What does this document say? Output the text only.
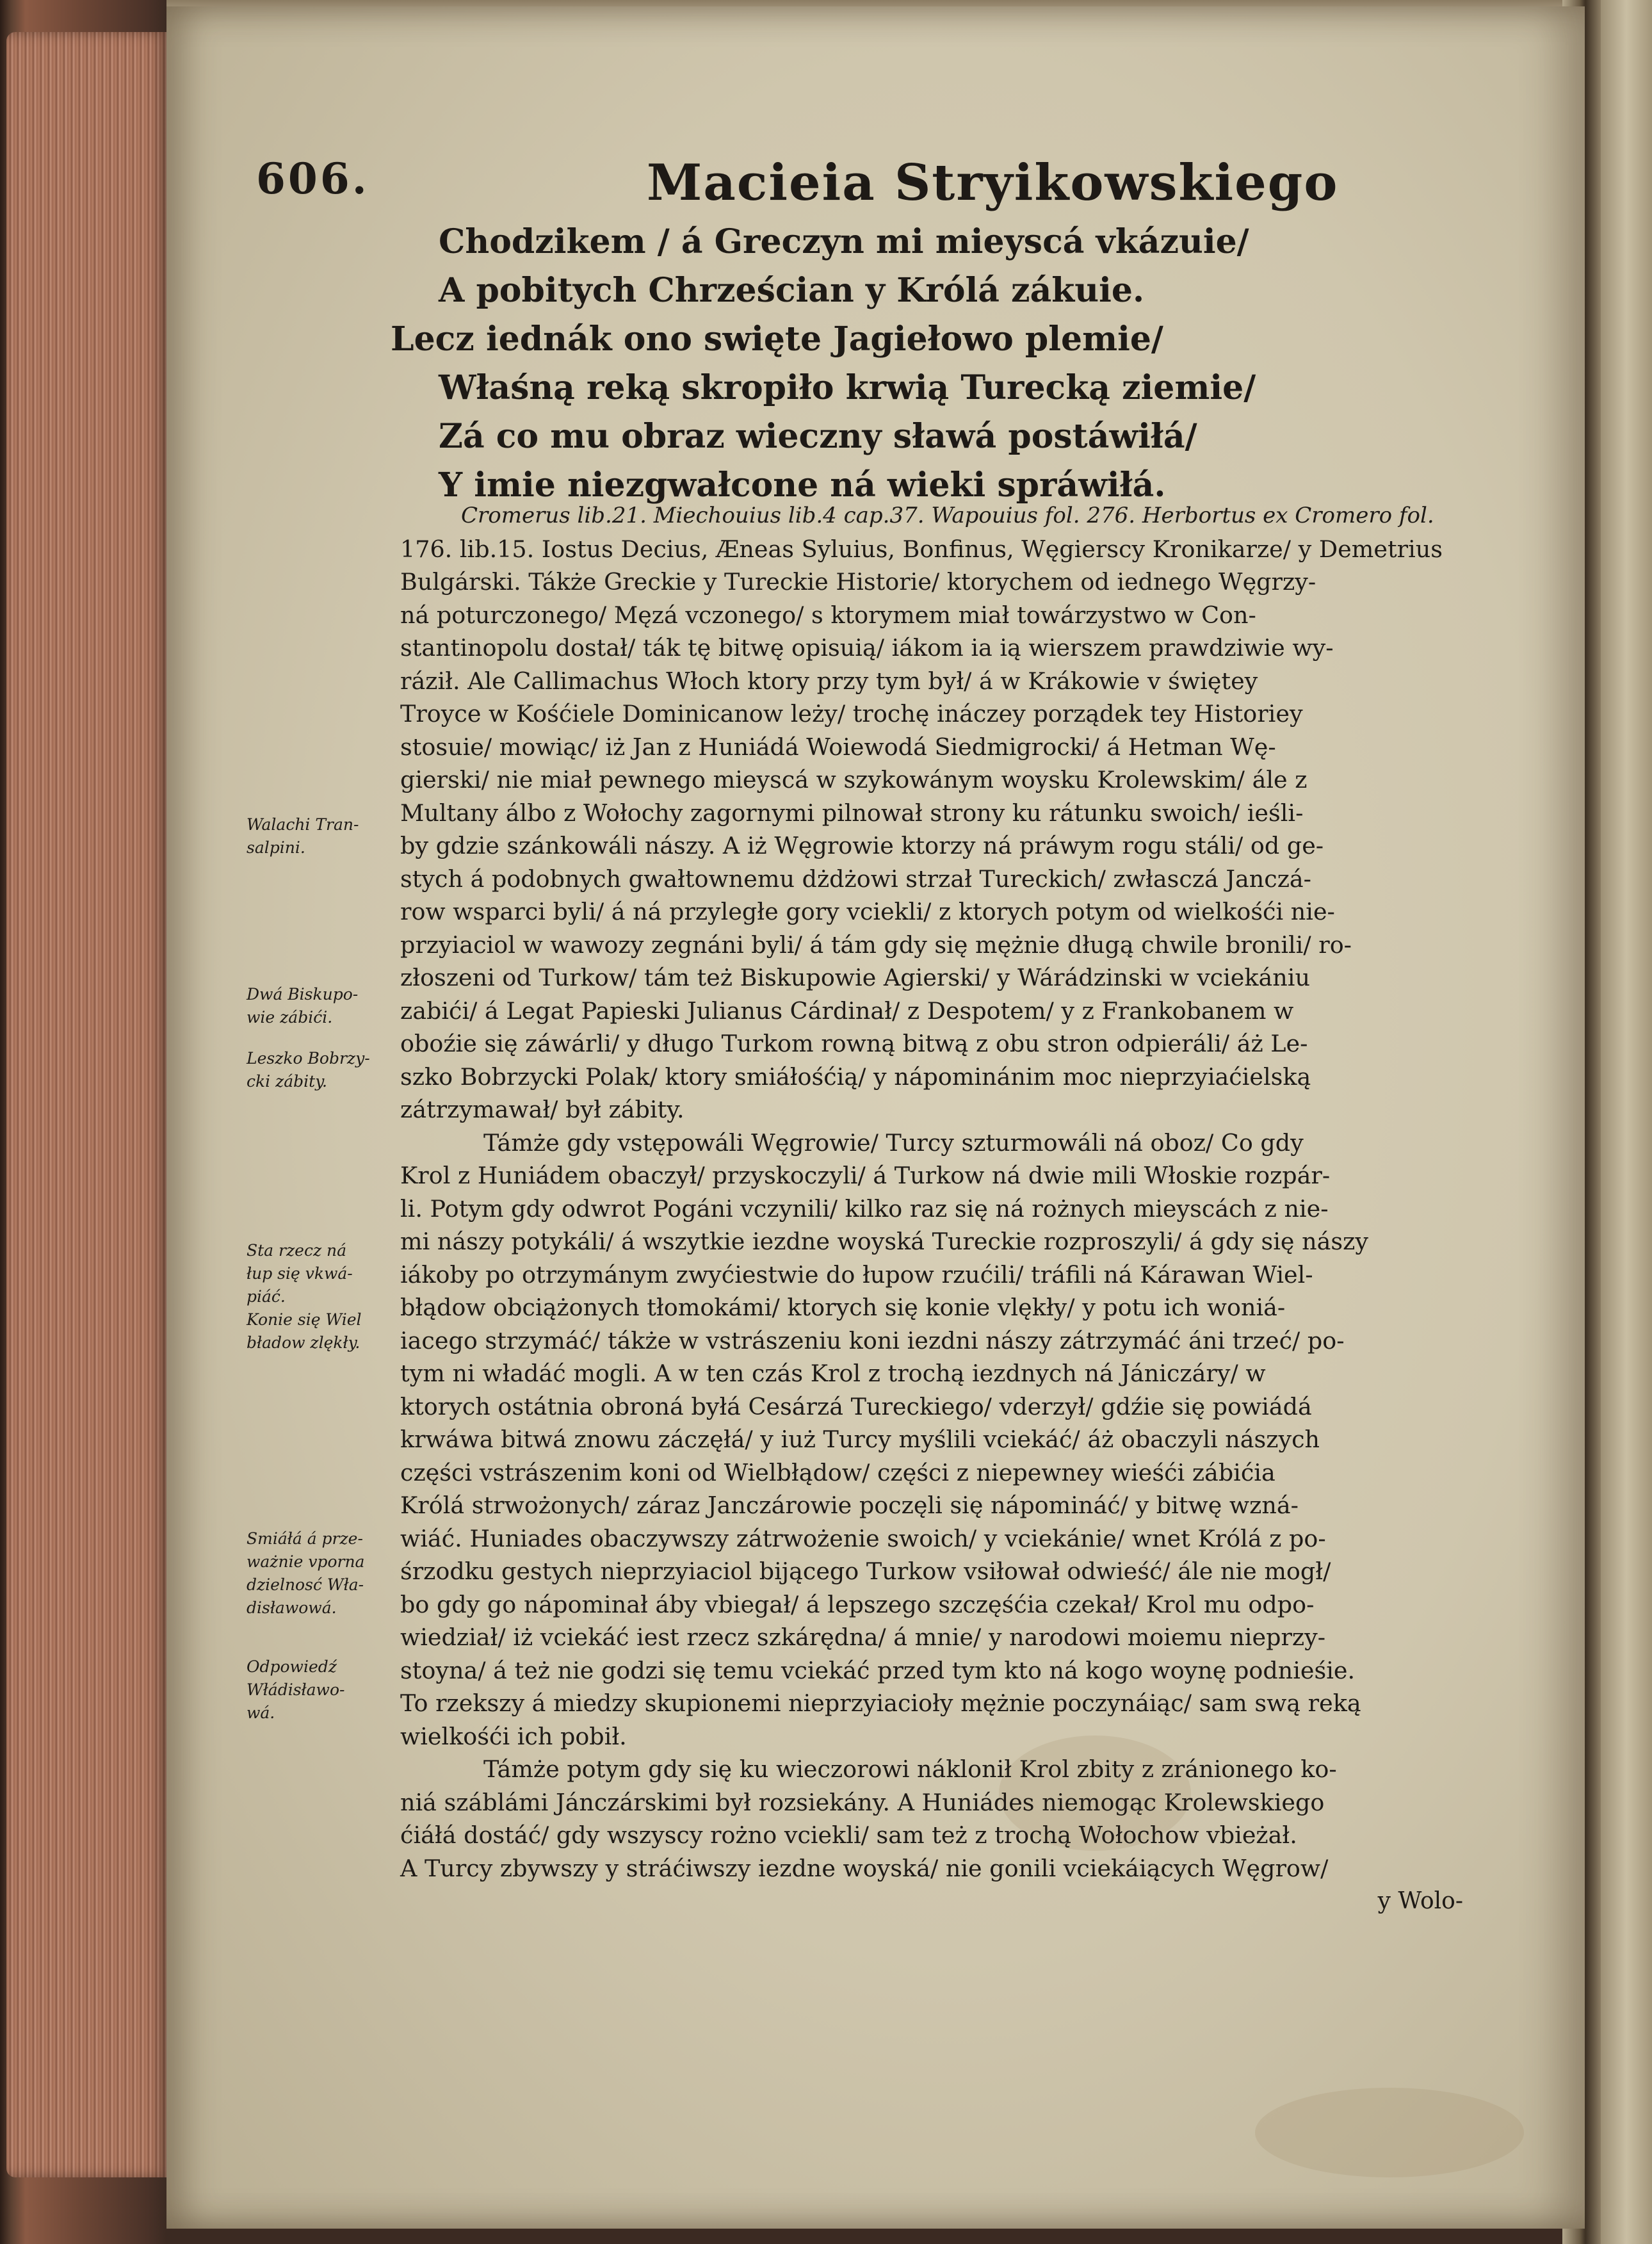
606.	Macieia Stryikowskiego
Chodzikem / á Greczyn mi mieyscá vkázuie/
A pobitych Chrześcian y Królá zákuie.
Lecz iednák ono swięte Jagiełowo plemie/
Właśną reką skropiło krwią Turecką ziemie/
Zá co mu obraz wieczny sławá postáwiłá/
Y imie niezgwałcone ná wieki spráwiłá.
Cromerus lib.21. Miechouius lib.4 cap.37. Wapouius fol. 276. Herbortus ex Cromero fol.
176. lib.15. Iostus Decius, Æneas Syluius, Bonfinus, Węgierscy Kronikarze/ y Demetrius
Bulgárski. Tákże Greckie y Tureckie Historie/ ktorychem od iednego Węgrzy-
ná poturczonego/ Męzá vczonego/ s ktorymem miał towárzystwo w Con-
stantinopolu dostał/ ták tę bitwę opisuią/ iákom ia ią wierszem prawdziwie wy-
ráził. Ale Callimachus Włoch ktory przy tym był/ á w Krákowie v świętey
Troyce w Kośćiele Dominicanow leży/ trochę ináczey porządek tey Historiey
stosuie/ mowiąc/ iż Jan z Huniádá Woiewodá Siedmigrocki/ á Hetman Wę-
gierski/ nie miał pewnego mieyscá w szykowánym woysku Krolewskim/ ále z
Multany álbo z Wołochy zagornymi pilnował strony ku rátunku swoich/ ieśli-
by gdzie szánkowáli nászy. A iż Węgrowie ktorzy ná práwym rogu stáli/ od ge-
stych á podobnych gwałtownemu dżdżowi strzał Tureckich/ zwłasczá Janczá-
row wsparci byli/ á ná przyległe gory vciekli/ z ktorych potym od wielkośći nie-
przyiaciol w wawozy zegnáni byli/ á tám gdy się mężnie długą chwile bronili/ ro-
złoszeni od Turkow/ tám też Biskupowie Agierski/ y Wárádzinski w vciekániu
zabići/ á Legat Papieski Julianus Cárdinał/ z Despotem/ y z Frankobanem w
oboźie się záwárli/ y długo Turkom rowną bitwą z obu stron odpieráli/ áż Le-
szko Bobrzycki Polak/ ktory smiáłośćią/ y nápominánim moc nieprzyiaćielską
zátrzymawał/ był zábity.
Támże gdy vstępowáli Węgrowie/ Turcy szturmowáli ná oboz/ Co gdy
Krol z Huniádem obaczył/ przyskoczyli/ á Turkow ná dwie mili Włoskie rozpár-
li. Potym gdy odwrot Pogáni vczynili/ kilko raz się ná rożnych mieyscách z nie-
mi nászy potykáli/ á wszytkie iezdne woyská Tureckie rozproszyli/ á gdy się nászy
iákoby po otrzymánym zwyćiestwie do łupow rzućili/ tráfili ná Kárawan Wiel-
błądow obciążonych tłomokámi/ ktorych się konie vlękły/ y potu ich woniá-
iacego strzymáć/ tákże w vstrászeniu koni iezdni nászy zátrzymáć áni trzeć/ po-
tym ni władáć mogli. A w ten czás Krol z trochą iezdnych ná Jániczáry/ w
ktorych ostátnia obroná byłá Cesárzá Tureckiego/ vderzył/ gdźie się powiádá
krwáwa bitwá znowu záczęłá/ y iuż Turcy myślili vciekáć/ áż obaczyli nászych
części vstrászenim koni od Wielbłądow/ części z niepewney wieśći zábićia
Królá strwożonych/ záraz Janczárowie poczęli się nápomináć/ y bitwę wzná-
wiáć. Huniades obaczywszy zátrwożenie swoich/ y vciekánie/ wnet Królá z po-
śrzodku gestych nieprzyiaciol bijącego Turkow vsiłował odwieść/ ále nie mogł/
bo gdy go nápominał áby vbiegał/ á lepszego szczęśćia czekał/ Krol mu odpo-
wiedział/ iż vciekáć iest rzecz szkárędna/ á mnie/ y narodowi moiemu nieprzy-
stoyna/ á też nie godzi się temu vciekáć przed tym kto ná kogo woynę podnieśie.
To rzekszy á miedzy skupionemi nieprzyiacioły mężnie poczynáiąc/ sam swą reką
wielkośći ich pobił.
Támże potym gdy się ku wieczorowi náklonił Krol zbity z zránionego ko-
niá száblámi Jánczárskimi był rozsiekány. A Huniádes niemogąc Krolewskiego
ćiáłá dostáć/ gdy wszyscy rożno vciekli/ sam też z trochą Wołochow vbieżał.
A Turcy zbywszy y stráćiwszy iezdne woyská/ nie gonili vciekáiących Węgrow/
y Wolo-
Walachi Tran-
salpini.
Dwá Biskupo-
wie zábići.
Leszko Bobrzy-
cki zábity.
Sta rzecz ná
łup się vkwá-
piáć.
Konie się Wiel
bładow zlękły.
Smiáłá á prze-
ważnie vporna
dzielnosć Wła-
disławowá.
Odpowiedź
Włádisławo-
wá.
